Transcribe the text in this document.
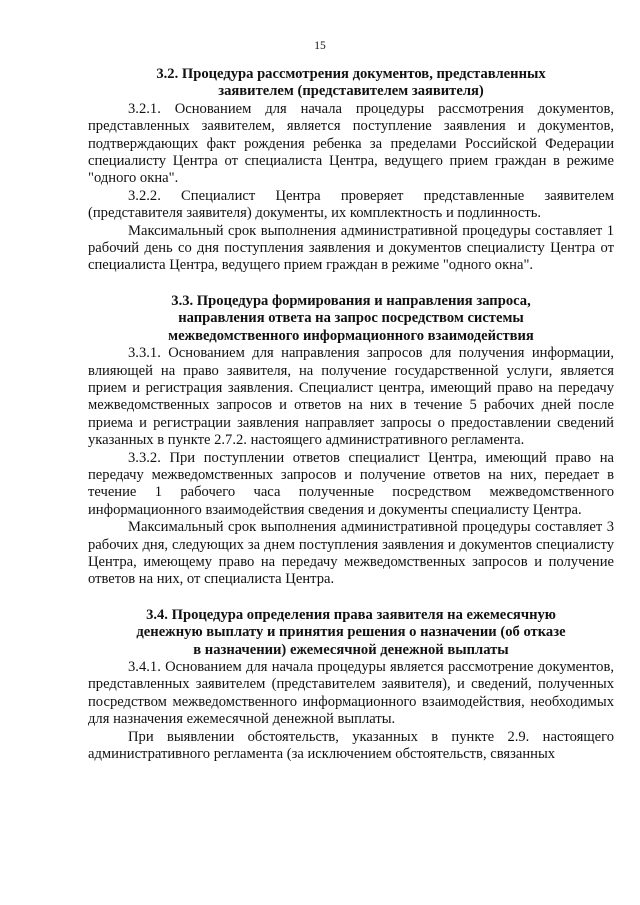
15
3.2. Процедура рассмотрения документов, представленных
заявителем (представителем заявителя)

3.2.1. Основанием для начала процедуры рассмотрения документов, представленных заявителем, является поступление заявления и документов, подтверждающих факт рождения ребенка за пределами Российской Федерации специалисту Центра от специалиста Центра, ведущего прием граждан в режиме "одного окна".

3.2.2. Специалист Центра проверяет представленные заявителем (представителя заявителя) документы, их комплектность и подлинность.

Максимальный срок выполнения административной процедуры составляет 1 рабочий день со дня поступления заявления и документов специалисту Центра от специалиста Центра, ведущего прием граждан в режиме "одного окна".

3.3. Процедура формирования и направления запроса,
направления ответа на запрос посредством системы
межведомственного информационного взаимодействия

3.3.1. Основанием для направления запросов для получения информации, влияющей на право заявителя, на получение государственной услуги, является прием и регистрация заявления. Специалист центра, имеющий право на передачу межведомственных запросов и ответов на них в течение 5 рабочих дней после приема и регистрации заявления направляет запросы о предоставлении сведений указанных в пункте 2.7.2. настоящего административного регламента.

3.3.2. При поступлении ответов специалист Центра, имеющий право на передачу межведомственных запросов и получение ответов на них, передает в течение 1 рабочего часа полученные посредством межведомственного информационного взаимодействия сведения и документы специалисту Центра.

Максимальный срок выполнения административной процедуры составляет 3 рабочих дня, следующих за днем поступления заявления и документов специалисту Центра, имеющему право на передачу межведомственных запросов и получение ответов на них, от специалиста Центра.

3.4. Процедура определения права заявителя на ежемесячную
денежную выплату и принятия решения о назначении (об отказе
в назначении) ежемесячной денежной выплаты

3.4.1. Основанием для начала процедуры является рассмотрение документов, представленных заявителем (представителем заявителя), и сведений, полученных посредством межведомственного информационного взаимодействия, необходимых для назначения ежемесячной денежной выплаты.

При выявлении обстоятельств, указанных в пункте 2.9. настоящего административного регламента (за исключением обстоятельств, связанных
